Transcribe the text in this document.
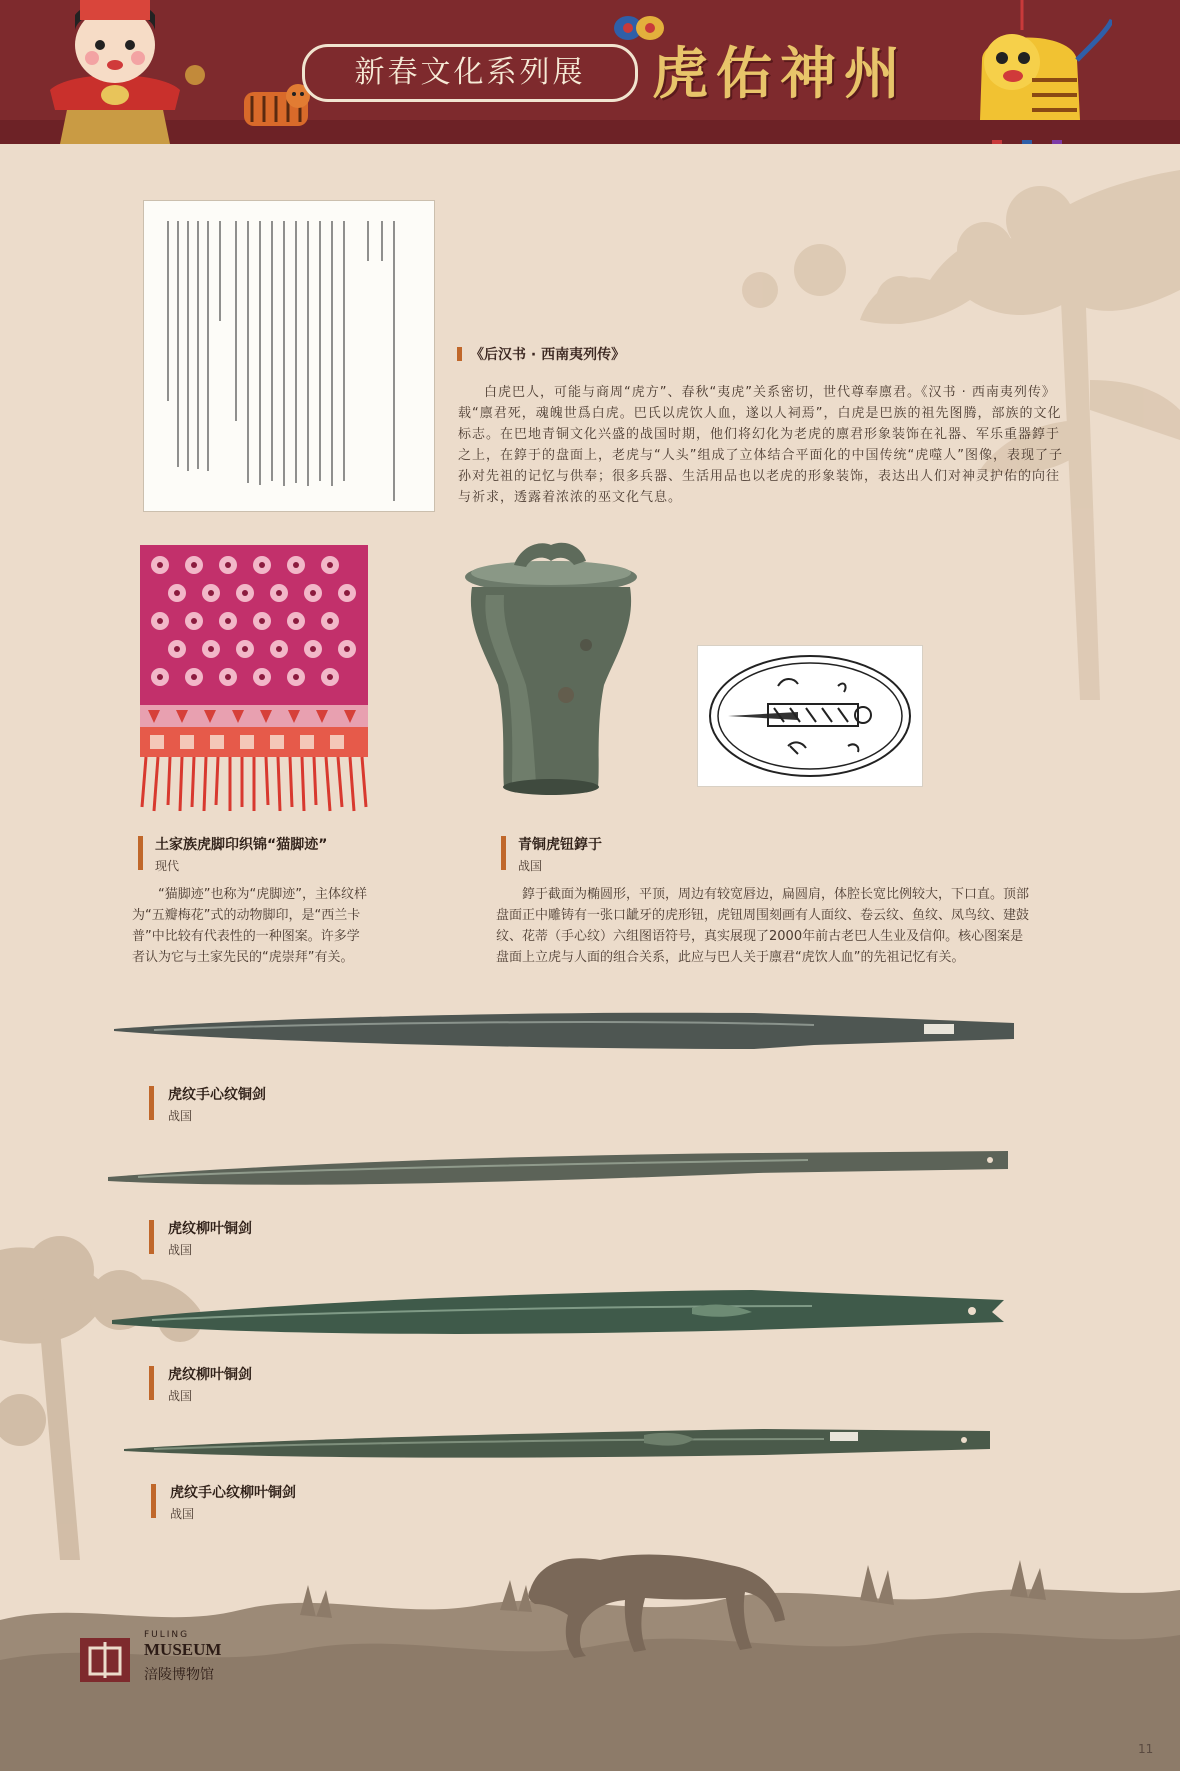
新春文化系列展	虎佑神州
《后汉书 · 西南夷列传》
白虎巴人，可能与商周“虎方”、春秋“夷虎”关系密切，世代尊奉廪君。《汉书 · 西南夷列传》载“廪君死，魂魄世爲白虎。巴氏以虎饮人血，遂以人祠焉”，白虎是巴族的祖先图腾，部族的文化标志。在巴地青铜文化兴盛的战国时期，他们将幻化为老虎的廪君形象装饰在礼器、军乐重器錞于之上，在錞于的盘面上，老虎与“人头”组成了立体结合平面化的中国传统“虎噬人”图像，表现了子孙对先祖的记忆与供奉；很多兵器、生活用品也以老虎的形象装饰，表达出人们对神灵护佑的向往与祈求，透露着浓浓的巫文化气息。
土家族虎脚印织锦“猫脚迹”
现代
“猫脚迹”也称为“虎脚迹”，主体纹样为“五瓣梅花”式的动物脚印，是“西兰卡普”中比较有代表性的一种图案。许多学者认为它与土家先民的“虎崇拜”有关。
青铜虎钮錞于
战国
錞于截面为椭圆形，平顶，周边有较宽唇边，扁圆肩，体腔长宽比例较大，下口直。顶部盘面正中雕铸有一张口龇牙的虎形钮，虎钮周围刻画有人面纹、卷云纹、鱼纹、凤鸟纹、建鼓纹、花蒂（手心纹）六组图语符号，真实展现了2000年前古老巴人生业及信仰。核心图案是盘面上立虎与人面的组合关系，此应与巴人关于廪君“虎饮人血”的先祖记忆有关。
虎纹手心纹铜剑
战国
虎纹柳叶铜剑
战国
虎纹柳叶铜剑
战国
虎纹手心纹柳叶铜剑
战国
FULING
MUSEUM
涪陵博物馆
11
